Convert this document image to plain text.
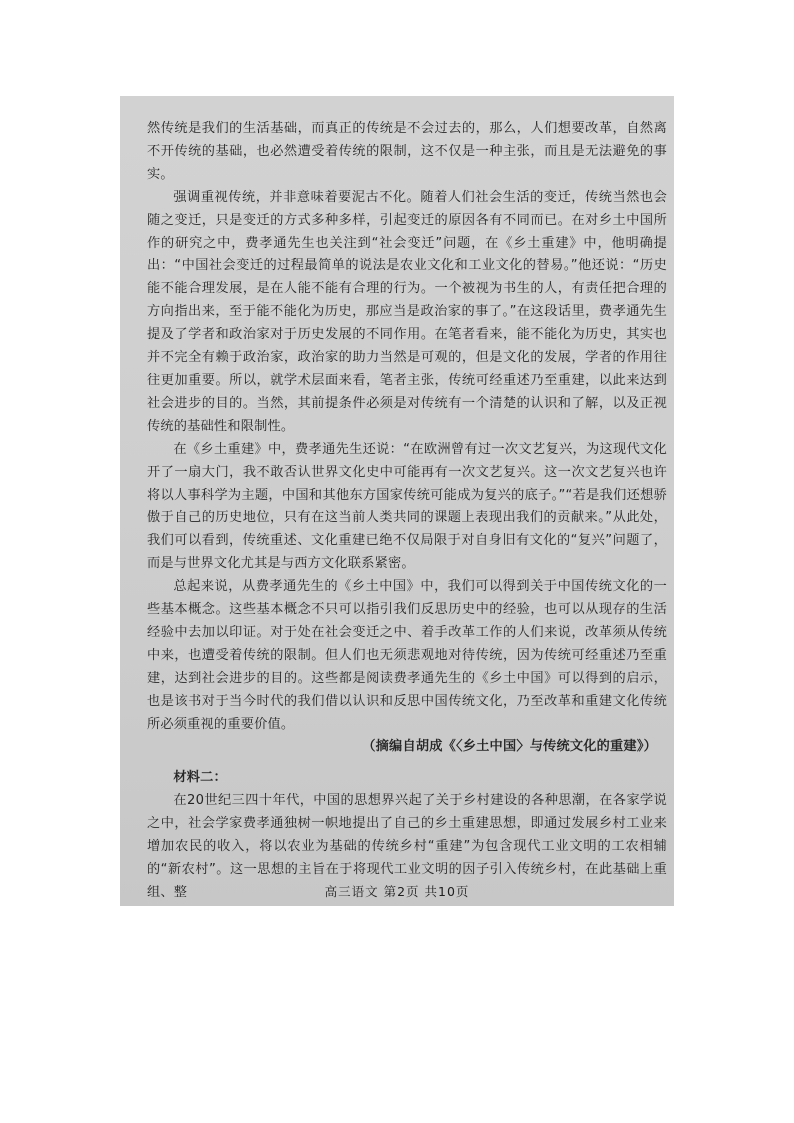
然传统是我们的生活基础，而真正的传统是不会过去的，那么，人们想要改革，自然离不开传统的基础，也必然遭受着传统的限制，这不仅是一种主张，而且是无法避免的事实。

强调重视传统，并非意味着要泥古不化。随着人们社会生活的变迁，传统当然也会随之变迁，只是变迁的方式多种多样，引起变迁的原因各有不同而已。在对乡土中国所作的研究之中，费孝通先生也关注到“社会变迁”问题，在《乡土重建》中，他明确提出：“中国社会变迁的过程最简单的说法是农业文化和工业文化的替易。”他还说：“历史能不能合理发展，是在人能不能有合理的行为。一个被视为书生的人，有责任把合理的方向指出来，至于能不能化为历史，那应当是政治家的事了。”在这段话里，费孝通先生提及了学者和政治家对于历史发展的不同作用。在笔者看来，能不能化为历史，其实也并不完全有赖于政治家，政治家的助力当然是可观的，但是文化的发展，学者的作用往往更加重要。所以，就学术层面来看，笔者主张，传统可经重述乃至重建，以此来达到社会进步的目的。当然，其前提条件必须是对传统有一个清楚的认识和了解，以及正视传统的基础性和限制性。

在《乡土重建》中，费孝通先生还说：“在欧洲曾有过一次文艺复兴，为这现代文化开了一扇大门，我不敢否认世界文化史中可能再有一次文艺复兴。这一次文艺复兴也许将以人事科学为主题，中国和其他东方国家传统可能成为复兴的底子。”“若是我们还想骄傲于自己的历史地位，只有在这当前人类共同的课题上表现出我们的贡献来。”从此处，我们可以看到，传统重述、文化重建已绝不仅局限于对自身旧有文化的“复兴”问题了，而是与世界文化尤其是与西方文化联系紧密。

总起来说，从费孝通先生的《乡土中国》中，我们可以得到关于中国传统文化的一些基本概念。这些基本概念不只可以指引我们反思历史中的经验，也可以从现存的生活经验中去加以印证。对于处在社会变迁之中、着手改革工作的人们来说，改革须从传统中来，也遭受着传统的限制。但人们也无须悲观地对待传统，因为传统可经重述乃至重建，达到社会进步的目的。这些都是阅读费孝通先生的《乡土中国》可以得到的启示，也是该书对于当今时代的我们借以认识和反思中国传统文化，乃至改革和重建文化传统所必须重视的重要价值。

（摘编自胡成《〈乡土中国〉与传统文化的重建》）

材料二：

在20世纪三四十年代，中国的思想界兴起了关于乡村建设的各种思潮，在各家学说之中，社会学家费孝通独树一帜地提出了自己的乡土重建思想，即通过发展乡村工业来增加农民的收入，将以农业为基础的传统乡村“重建”为包含现代工业文明的工农相辅的“新农村”。这一思想的主旨在于将现代工业文明的因子引入传统乡村，在此基础上重组、整	高三语文 第2页 共10页
